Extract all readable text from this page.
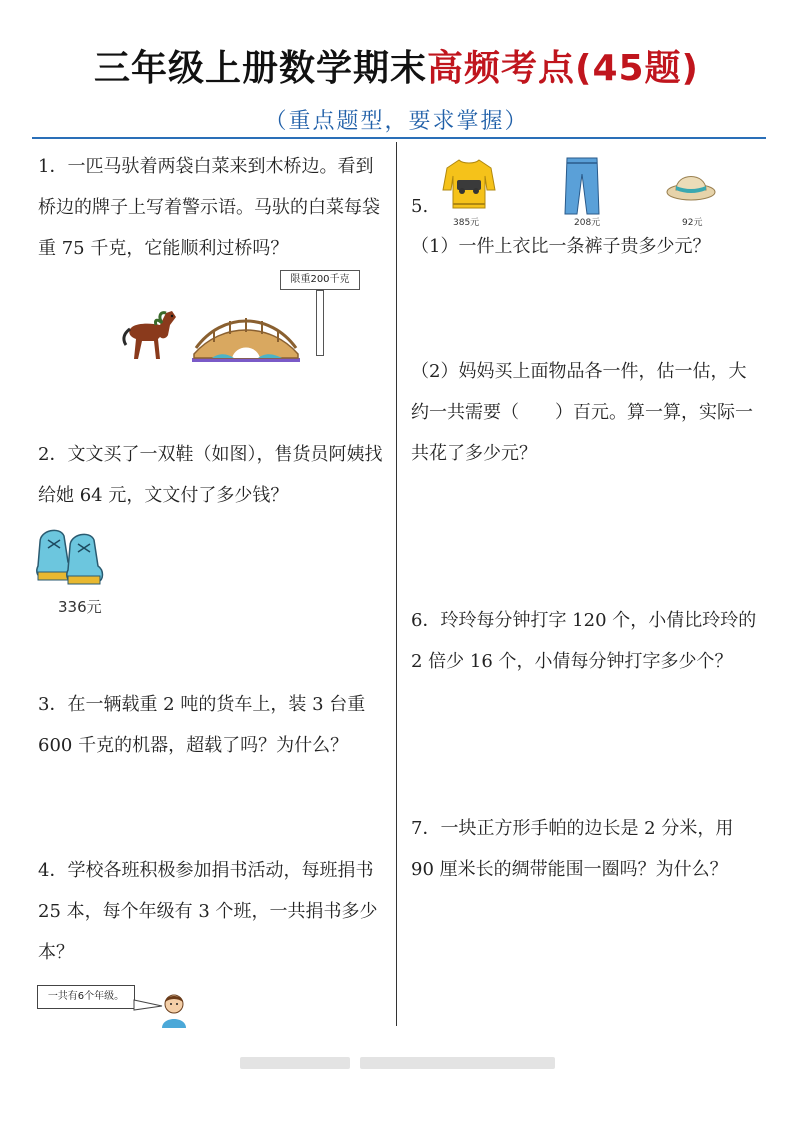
三年级上册数学期末高频考点(45题)
（重点题型，要求掌握）
1．一匹马驮着两袋白菜来到木桥边。看到桥边的牌子上写着警示语。马驮的白菜每袋重 75 千克，它能顺利过桥吗？
限重200千克
2．文文买了一双鞋（如图），售货员阿姨找给她 64 元，文文付了多少钱？
336元
3．在一辆载重 2 吨的货车上，装 3 台重 600 千克的机器，超载了吗？为什么？
4．学校各班积极参加捐书活动，每班捐书 25 本，每个年级有 3 个班，一共捐书多少本？
一共有6个年级。
385元	208元	92元
5.
（1）一件上衣比一条裤子贵多少元？
（2）妈妈买上面物品各一件，估一估，大约一共需要（　　）百元。算一算，实际一共花了多少元？
6．玲玲每分钟打字 120 个，小倩比玲玲的 2 倍少 16 个，小倩每分钟打字多少个？
7．一块正方形手帕的边长是 2 分米，用 90 厘米长的绸带能围一圈吗？为什么？
